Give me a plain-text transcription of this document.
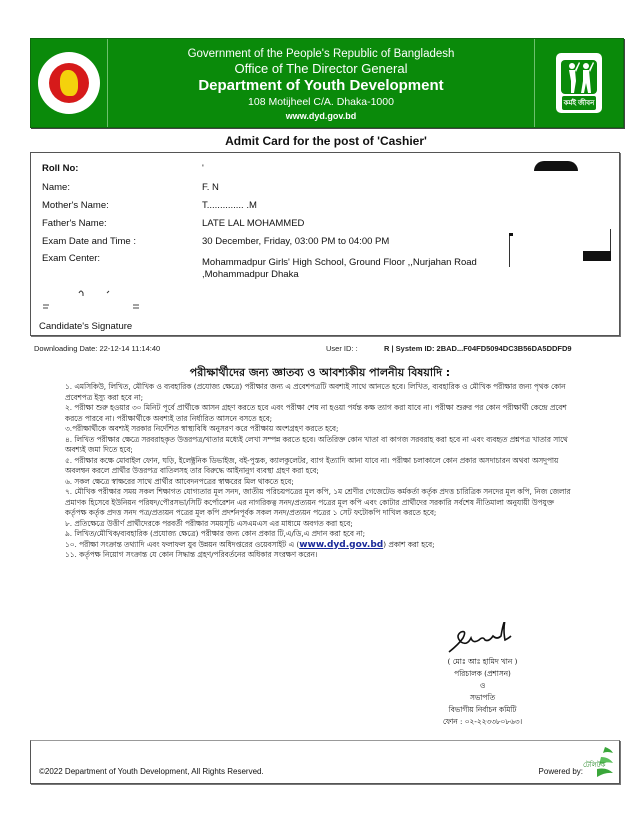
Government of the People's Republic of Bangladesh
Office of The Director General
Department of Youth Development
108 Motijheel C/A. Dhaka-1000
www.dyd.gov.bd
কর্মই জীবন
Admit Card for the post of 'Cashier'
Roll No:	'
Name:	F. N
Mother's Name:	T.............. .M
Father's Name:	LATE LAL MOHAMMED
Exam Date and Time :	30 December, Friday, 03:00 PM to 04:00 PM
Exam Center:	Mohammadpur Girls' High School, Ground Floor ,,Nurjahan Road ,Mohammadpur Dhaka
Candidate's Signature
Downloading Date: 22-12-14 11:14:40	User ID: :	R | System ID: 2BAD...F04FD5094DC3B56DA5DDFD9
পরীক্ষার্থীদের জন্য জ্ঞাতব্য ও আবশ্যকীয় পালনীয় বিষয়াদি :

১. এমসিকিউ, লিখিত, মৌখিক ও ব্যবহারিক (প্রযোজ্য ক্ষেত্রে) পরীক্ষার জন্য এ প্রবেশপত্রটি অবশ্যই সাথে আনতে হবে। লিখিত, ব্যবহারিক ও মৌখিক পরীক্ষার জন্য পৃথক কোন প্রবেশপত্র ইস্যু করা হবে না;

২. পরীক্ষা শুরু হওয়ার ৩০ মিনিট পূর্বে প্রার্থীকে আসন গ্রহণ করতে হবে এবং পরীক্ষা শেষ না হওয়া পর্যন্ত কক্ষ ত্যাগ করা যাবে না। পরীক্ষা শুরুর পর কোন পরীক্ষার্থী কেন্দ্রে প্রবেশ করতে পারবে না। পরীক্ষার্থীকে অবশ্যই তার নির্ধারিত আসনে বসতে হবে;

৩.পরীক্ষার্থীকে অবশ্যই সরকার নির্দেশিত স্বাস্থ্যবিধি অনুসরণ করে পরীক্ষায় অংশগ্রহণ করতে হবে;

৪. লিখিত পরীক্ষার ক্ষেত্রে সরবরাহকৃত উত্তরপত্র/খাতার মধ্যেই লেখা সম্পন্ন করতে হবে। অতিরিক্ত কোন খাতা বা কাগজ সরবরাহ করা হবে না এবং ব্যবহৃত প্রশ্নপত্র খাতার সাথে অবশ্যই জমা দিতে হবে;

৫. পরীক্ষার কক্ষে মোবাইল ফোন, ঘড়ি, ইলেক্ট্রনিক ডিভাইজ, বই-পুস্তক, ক্যালকুলেটর, ব্যাগ ইত্যাদি আনা যাবে না। পরীক্ষা চলাকালে কোন প্রকার অসদাচারন অথবা অসদুপায় অবলম্বন করলে প্রার্থীর উত্তরপত্র বাতিলসহ তার বিরুদ্ধে আইনানুগ ব্যবস্থা গ্রহণ করা হবে;

৬. সকল ক্ষেত্রে স্বাক্ষরের সাথে প্রার্থীর আবেদনপত্রের স্বাক্ষরের মিল থাকতে হবে;

৭. মৌখিক পরীক্ষার সময় সকল শিক্ষাগত যোগ্যতার মূল সনদ, জাতীয় পরিচয়পত্রের মূল কপি, ১ম শ্রেণীর গেজেটেড কর্মকর্তা কর্তৃক প্রদত্ত চারিত্রিক সনদের মূল কপি, নিজ জেলার প্রমাণক হিসেবে ইউনিয়ন পরিষদ/পৌরসভা/সিটি কর্পোরেশন এর নাগরিকত্ব সনদ/প্রত্যয়ন পত্রের মূল কপি এবং কোটার প্রার্থীদের সরকারি সর্বশেষ নীতিমালা অনুযায়ী উপযুক্ত কর্তৃপক্ষ কর্তৃক প্রদত্ত সনদ পত্র/প্রত্যয়ন পত্রের মূল কপি প্রদর্শনপূর্বক সকল সনদ/প্রত্যয়ন পত্রের ১ সেট ফটোকপি দাখিল করতে হবে;

৮. প্রতিক্ষেত্রে উত্তীর্ণ প্রার্থীদেরকে পরবর্তী পরীক্ষার সময়সূচি এসএমএস এর মাধ্যমে অবগত করা হবে;

৯. লিখিত/মৌখিক/ব্যবহারিক (প্রযোজ্য ক্ষেত্রে) পরীক্ষার জন্য কোন প্রকার টি,এ/ডি,এ প্রদান করা হবে না;

১০. পরীক্ষা সংক্রান্ত তথ্যাদি এবং ফলাফল যুব উন্নয়ন অধিদপ্তরের ওয়েবসাইট এ (www.dyd.gov.bd) প্রকাশ করা হবে;

১১. কর্তৃপক্ষ নিয়োগ সংক্রান্ত যে কোন সিদ্ধান্ত গ্রহণ/পরিবর্তনের অধিকার সংরক্ষণ করেন।

( মোঃ আঃ হামিদ খান )
পরিচালক (প্রশাসন)
ও
সভাপতি
বিভাগীয় নির্বাচন কমিটি
ফোন : ০২-২২৩৩৮০৮৬৩।
©2022 Department of Youth Development, All Rights Reserved.	Powered by:
টেলিটক
